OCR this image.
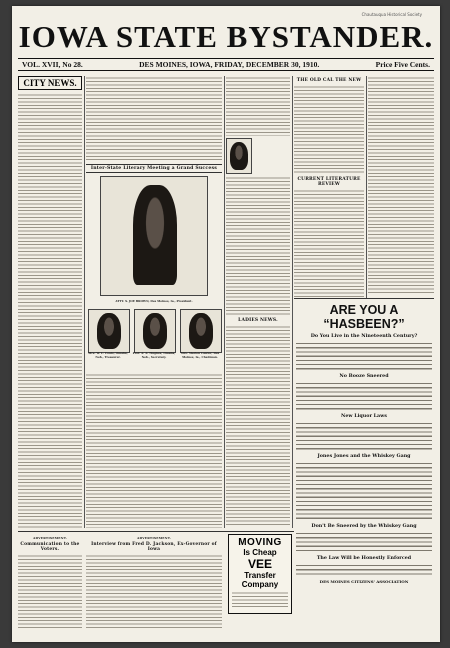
Chautauqua Historical Society
IOWA STATE BYSTANDER.
VOL. XVII, No 28.	DES MOINES, IOWA, FRIDAY, DECEMBER 30, 1910.	Price Five Cents.
CITY NEWS.
Inter-State Literary Meeting a Grand Success
ATTY. S. JOE BROWN, Des Moines, Ia., President.
Mrs. W. L. Coats, Omaha, Neb., Treasurer.
Prof. A. A. Hughes, Omaha, Neb., Secretary.
Mrs. Marion Lawlor, Des Moines, Ia., Chairman.
LADIES NEWS.
THE OLD CAL THE NEW
CURRENT LITERATURE REVIEW
ARE YOU A “HASBEEN?”
Do You Live in the Nineteenth Century?
No Booze Sneered
New Liquor Laws
Jones Jones and the Whiskey Gang
Don't Be Sneered by the Whiskey Gang
The Law Will be Honestly Enforced
DES MOINES CITIZENS' ASSOCIATION
ADVERTISEMENT.
Communication to the Voters.
ADVERTISEMENT.
Interview from Fred D. Jackson, Ex-Governor of Iowa
MOVING
Is Cheap
VEE
Transfer
Company
